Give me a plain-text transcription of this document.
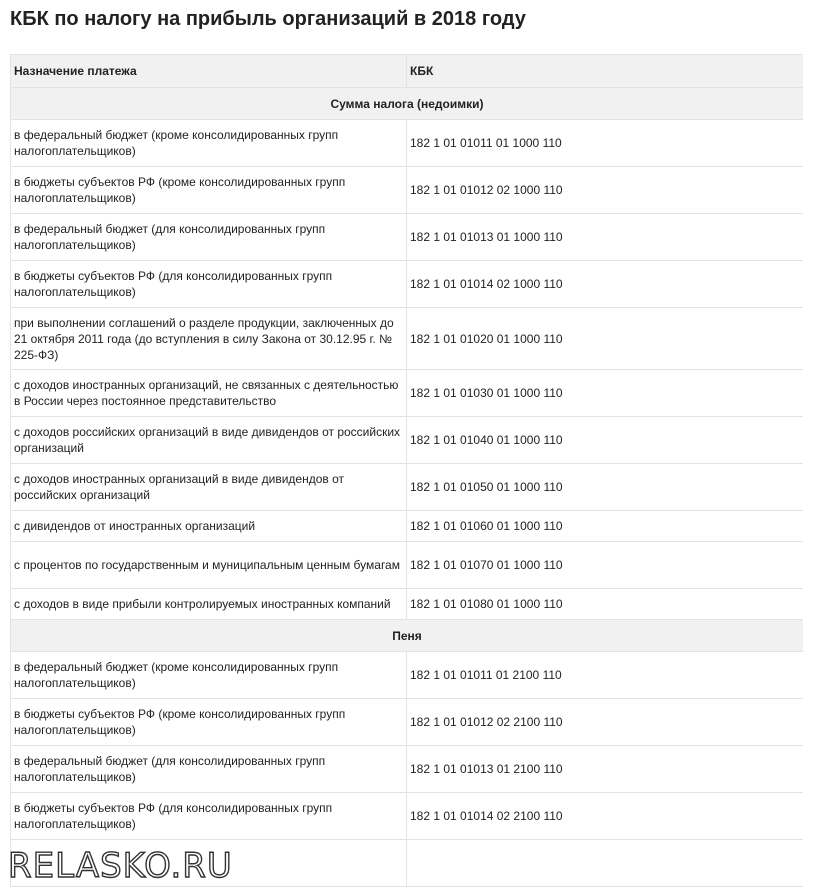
КБК по налогу на прибыль организаций в 2018 году
Назначение платежа	КБК
Сумма налога (недоимки)	
в федеральный бюджет (кроме консолидированных групп налогоплательщиков)	182 1 01 01011 01 1000 110
в бюджеты субъектов РФ (кроме консолидированных групп налогоплательщиков)	182 1 01 01012 02 1000 110
в федеральный бюджет (для консолидированных групп налогоплательщиков)	182 1 01 01013 01 1000 110
в бюджеты субъектов РФ (для консолидированных групп налогоплательщиков)	182 1 01 01014 02 1000 110
при выполнении соглашений о разделе продукции, заключенных до 21 октября 2011 года (до вступления в силу Закона от 30.12.95 г. № 225-ФЗ)	182 1 01 01020 01 1000 110
с доходов иностранных организаций, не связанных с деятельностью в России через постоянное представительство	182 1 01 01030 01 1000 110
с доходов российских организаций в виде дивидендов от российских организаций	182 1 01 01040 01 1000 110
с доходов иностранных организаций в виде дивидендов от российских организаций	182 1 01 01050 01 1000 110
с дивидендов от иностранных организаций	182 1 01 01060 01 1000 110
с процентов по государственным и муниципальным ценным бумагам	182 1 01 01070 01 1000 110
с доходов в виде прибыли контролируемых иностранных компаний	182 1 01 01080 01 1000 110
Пеня	
в федеральный бюджет (кроме консолидированных групп налогоплательщиков)	182 1 01 01011 01 2100 110
в бюджеты субъектов РФ (кроме консолидированных групп налогоплательщиков)	182 1 01 01012 02 2100 110
в федеральный бюджет (для консолидированных групп налогоплательщиков)	182 1 01 01013 01 2100 110
в бюджеты субъектов РФ (для консолидированных групп налогоплательщиков)	182 1 01 01014 02 2100 110

RELASKO.RU
